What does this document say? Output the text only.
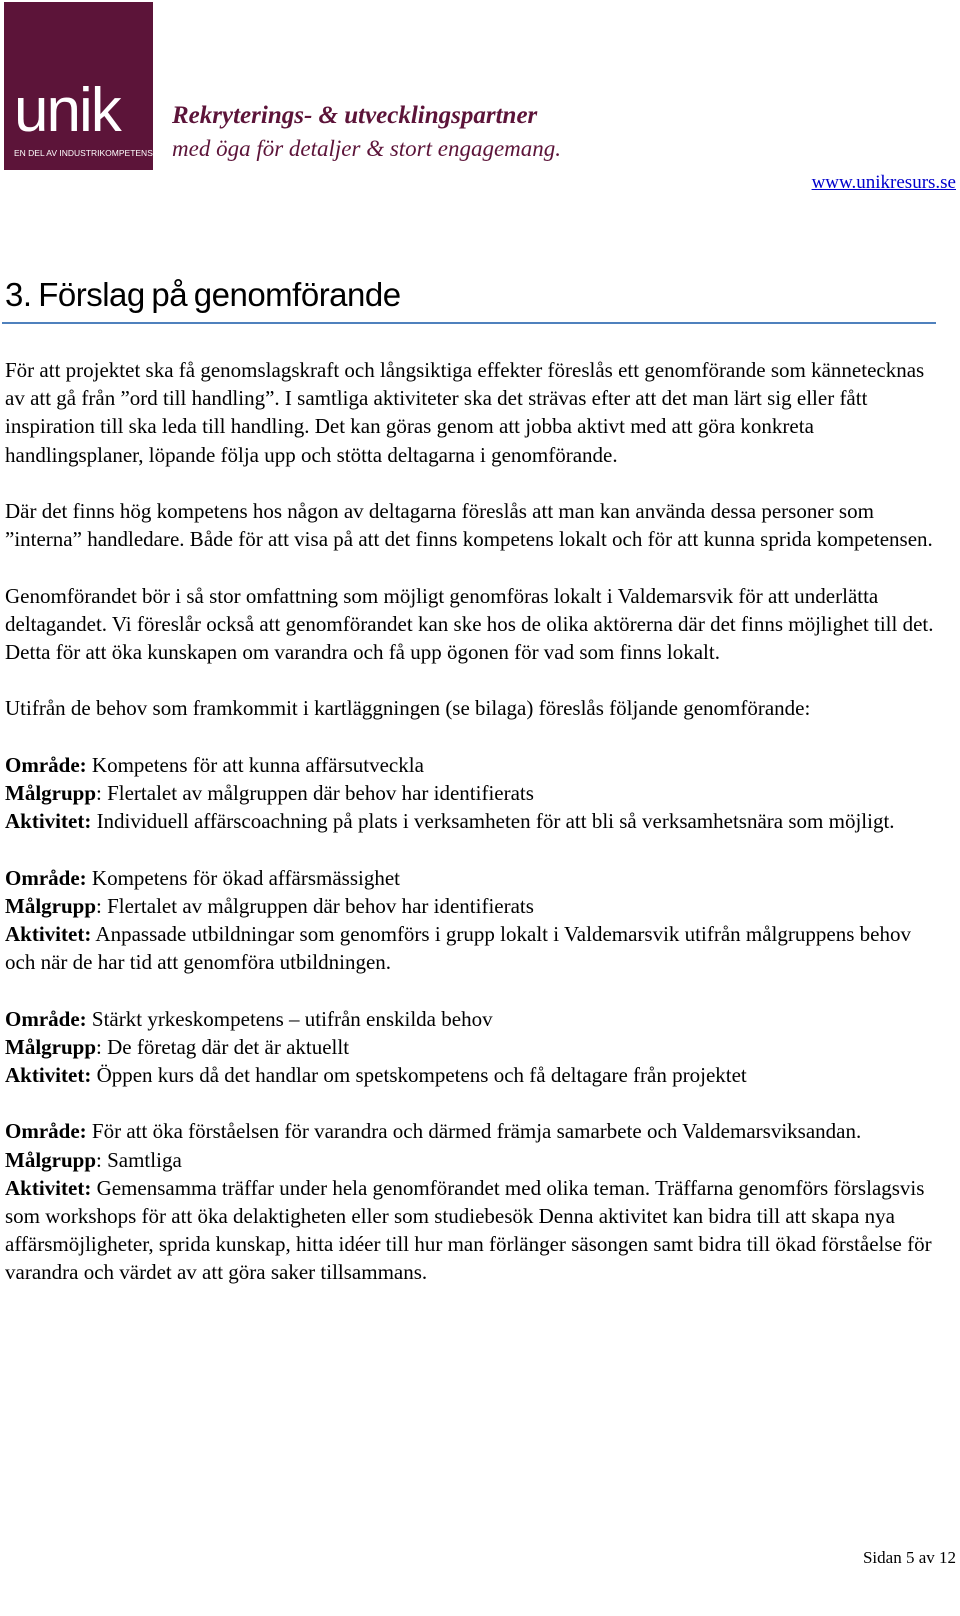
unik
EN DEL AV INDUSTRIKOMPETENS
Rekryterings- & utvecklingspartner
med öga för detaljer & stort engagemang.
www.unikresurs.se
3. Förslag på genomförande

För att projektet ska få genomslagskraft och långsiktiga effekter föreslås ett genomförande som kännetecknas av att gå från ”ord till handling”. I samtliga aktiviteter ska det strävas efter att det man lärt sig eller fått inspiration till ska leda till handling. Det kan göras genom att jobba aktivt med att göra konkreta handlingsplaner, löpande följa upp och stötta deltagarna i genomförande.

Där det finns hög kompetens hos någon av deltagarna föreslås att man kan använda dessa personer som ”interna” handledare. Både för att visa på att det finns kompetens lokalt och för att kunna sprida kompetensen.

Genomförandet bör i så stor omfattning som möjligt genomföras lokalt i Valdemarsvik för att underlätta deltagandet. Vi föreslår också att genomförandet kan ske hos de olika aktörerna där det finns möjlighet till det. Detta för att öka kunskapen om varandra och få upp ögonen för vad som finns lokalt.

Utifrån de behov som framkommit i kartläggningen (se bilaga) föreslås följande genomförande:

Område: Kompetens för att kunna affärsutveckla
Målgrupp: Flertalet av målgruppen där behov har identifierats
Aktivitet: Individuell affärscoachning på plats i verksamheten för att bli så verksamhetsnära som möjligt.

Område: Kompetens för ökad affärsmässighet
Målgrupp: Flertalet av målgruppen där behov har identifierats
Aktivitet: Anpassade utbildningar som genomförs i grupp lokalt i Valdemarsvik utifrån målgruppens behov och när de har tid att genomföra utbildningen.

Område: Stärkt yrkeskompetens – utifrån enskilda behov
Målgrupp: De företag där det är aktuellt
Aktivitet: Öppen kurs då det handlar om spetskompetens och få deltagare från projektet

Område: För att öka förståelsen för varandra och därmed främja samarbete och Valdemarsviksandan.
Målgrupp: Samtliga
Aktivitet: Gemensamma träffar under hela genomförandet med olika teman. Träffarna genomförs förslagsvis som workshops för att öka delaktigheten eller som studiebesök Denna aktivitet kan bidra till att skapa nya affärsmöjligheter, sprida kunskap, hitta idéer till hur man förlänger säsongen samt bidra till ökad förståelse för varandra och värdet av att göra saker tillsammans.

Sidan 5 av 12
